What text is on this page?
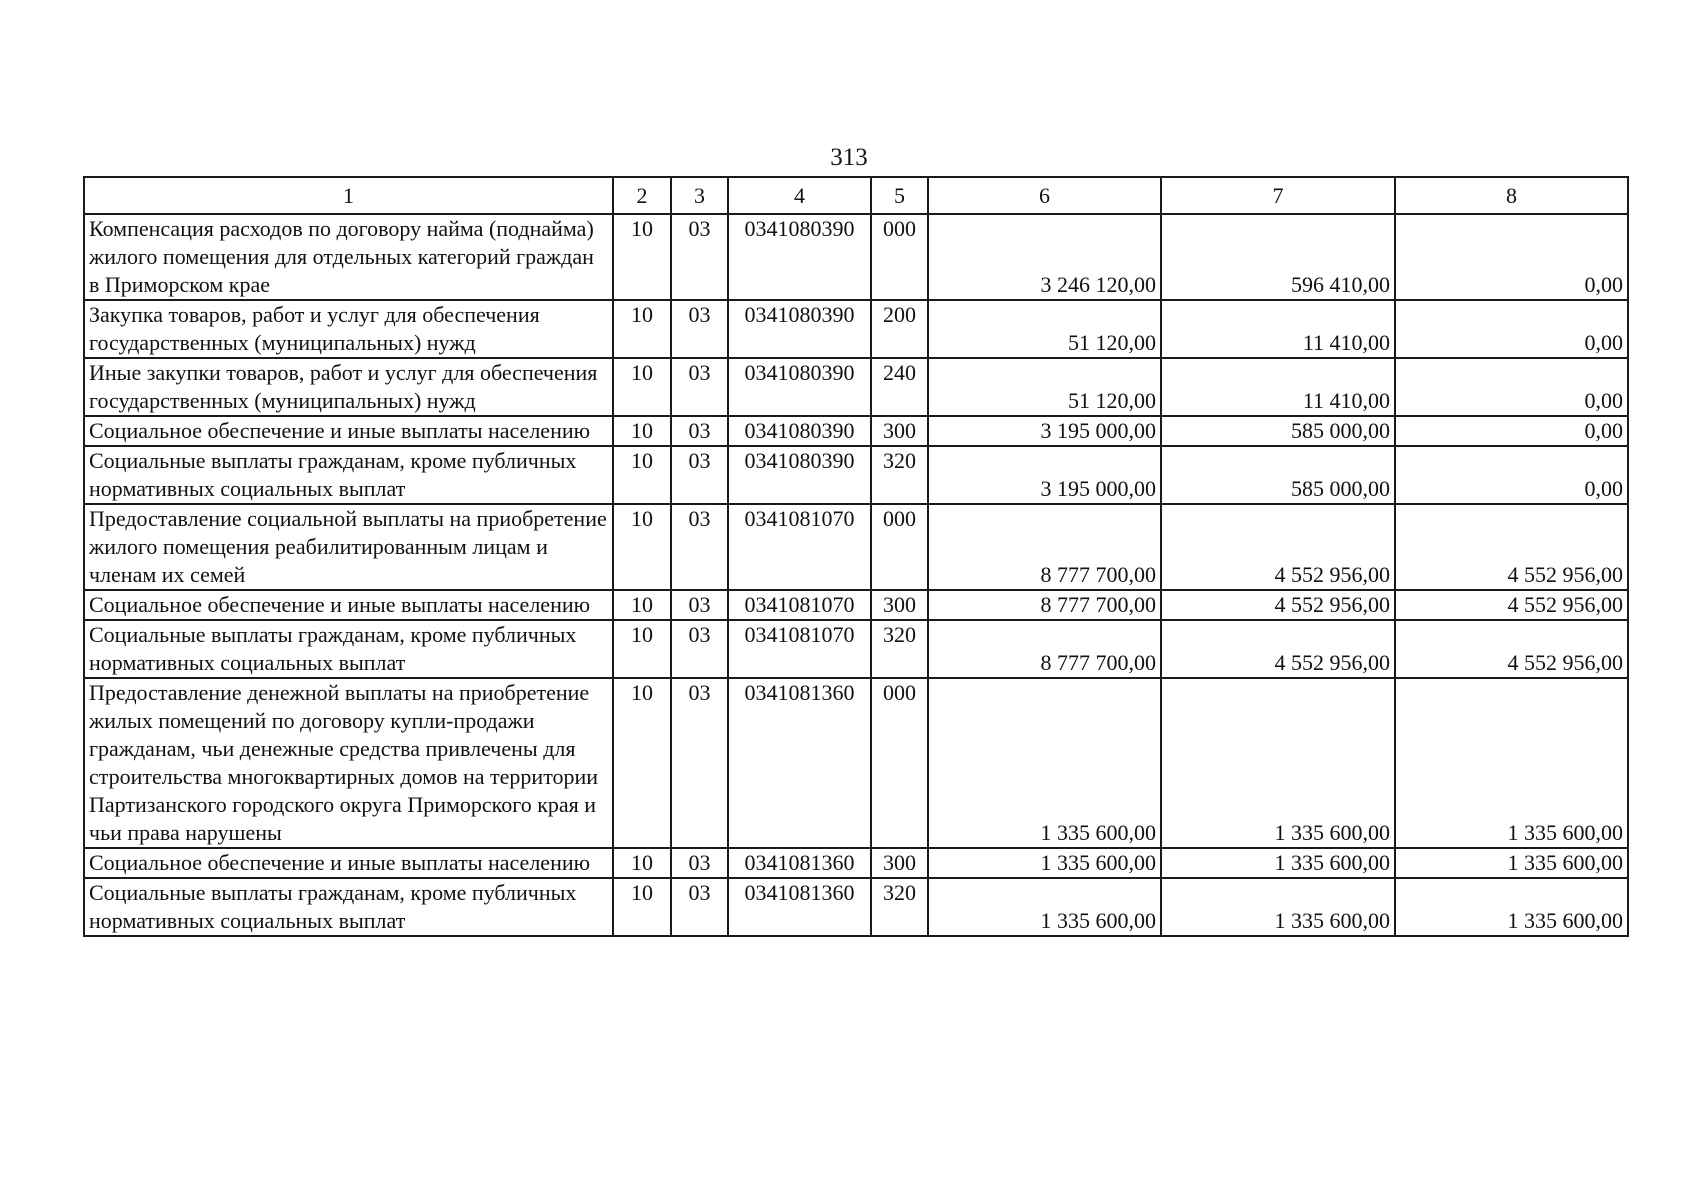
313
1	2	3	4	5	6	7	8
Компенсация расходов по договору найма (поднайма) жилого помещения для отдельных категорий граждан в Приморском крае	10	03	0341080390	000	3 246 120,00	596 410,00	0,00
Закупка товаров, работ и услуг для обеспечения государственных (муниципальных) нужд	10	03	0341080390	200	51 120,00	11 410,00	0,00
Иные закупки товаров, работ и услуг для обеспечения государственных (муниципальных) нужд	10	03	0341080390	240	51 120,00	11 410,00	0,00
Социальное обеспечение и иные выплаты населению	10	03	0341080390	300	3 195 000,00	585 000,00	0,00
Социальные выплаты гражданам, кроме публичных нормативных социальных выплат	10	03	0341080390	320	3 195 000,00	585 000,00	0,00
Предоставление социальной выплаты на приобретение жилого помещения реабилитированным лицам и членам их семей	10	03	0341081070	000	8 777 700,00	4 552 956,00	4 552 956,00
Социальное обеспечение и иные выплаты населению	10	03	0341081070	300	8 777 700,00	4 552 956,00	4 552 956,00
Социальные выплаты гражданам, кроме публичных нормативных социальных выплат	10	03	0341081070	320	8 777 700,00	4 552 956,00	4 552 956,00
Предоставление денежной выплаты на приобретение жилых помещений по договору купли-продажи гражданам, чьи денежные средства привлечены для строительства многоквартирных домов на территории Партизанского городского округа Приморского края и чьи права нарушены	10	03	0341081360	000	1 335 600,00	1 335 600,00	1 335 600,00
Социальное обеспечение и иные выплаты населению	10	03	0341081360	300	1 335 600,00	1 335 600,00	1 335 600,00
Социальные выплаты гражданам, кроме публичных нормативных социальных выплат	10	03	0341081360	320	1 335 600,00	1 335 600,00	1 335 600,00
